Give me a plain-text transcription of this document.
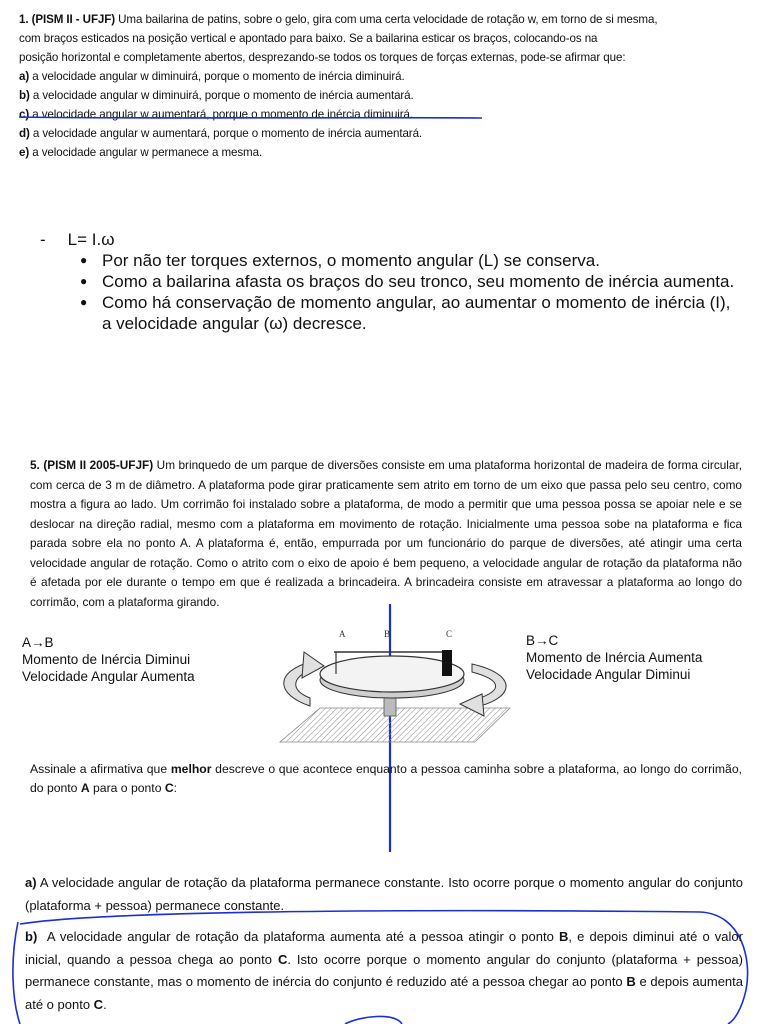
1. (PISM II - UFJF) Uma bailarina de patins, sobre o gelo, gira com uma certa velocidade de rotação w, em torno de si mesma,
com braços esticados na posição vertical e apontado para baixo. Se a bailarina esticar os braços, colocando-os na
posição horizontal e completamente abertos, desprezando-se todos os torques de forças externas, pode-se afirmar que:
a) a velocidade angular w diminuirá, porque o momento de inércia diminuirá.
b) a velocidade angular w diminuirá, porque o momento de inércia aumentará.
c) a velocidade angular w aumentará, porque o momento de inércia diminuirá.
d) a velocidade angular w aumentará, porque o momento de inércia aumentará.
e) a velocidade angular w permanece a mesma.
- L= I.ω
● Por não ter torques externos, o momento angular (L) se conserva.
● Como a bailarina afasta os braços do seu tronco, seu momento de inércia aumenta.
● Como há conservação de momento angular, ao aumentar o momento de inércia (I), a velocidade angular (ω) decresce.
5. (PISM II 2005-UFJF) Um brinquedo de um parque de diversões consiste em uma plataforma horizontal de madeira de forma circular, com cerca de 3 m de diâmetro. A plataforma pode girar praticamente sem atrito em torno de um eixo que passa pelo seu centro, como mostra a figura ao lado. Um corrimão foi instalado sobre a plataforma, de modo a permitir que uma pessoa possa se apoiar nele e se deslocar na direção radial, mesmo com a plataforma em movimento de rotação. Inicialmente uma pessoa sobe na plataforma e fica parada sobre ela no ponto A. A plataforma é, então, empurrada por um funcionário do parque de diversões, até atingir uma certa velocidade angular de rotação. Como o atrito com o eixo de apoio é bem pequeno, a velocidade angular de rotação da plataforma não é afetada por ele durante o tempo em que é realizada a brincadeira. A brincadeira consiste em atravessar a plataforma ao longo do corrimão, com a plataforma girando.
A→B
Momento de Inércia Diminui
Velocidade Angular Aumenta
B→C
Momento de Inércia Aumenta
Velocidade Angular Diminui
A	B	C
Assinale a afirmativa que melhor descreve o que acontece enquanto a pessoa caminha sobre a plataforma, ao longo do corrimão, do ponto A para o ponto C:
a) A velocidade angular de rotação da plataforma permanece constante. Isto ocorre porque o momento angular do conjunto (plataforma + pessoa) permanece constante.
b) A velocidade angular de rotação da plataforma aumenta até a pessoa atingir o ponto B, e depois diminui até o valor inicial, quando a pessoa chega ao ponto C. Isto ocorre porque o momento angular do conjunto (plataforma + pessoa) permanece constante, mas o momento de inércia do conjunto é reduzido até a pessoa chegar ao ponto B e depois aumenta até o ponto C.
